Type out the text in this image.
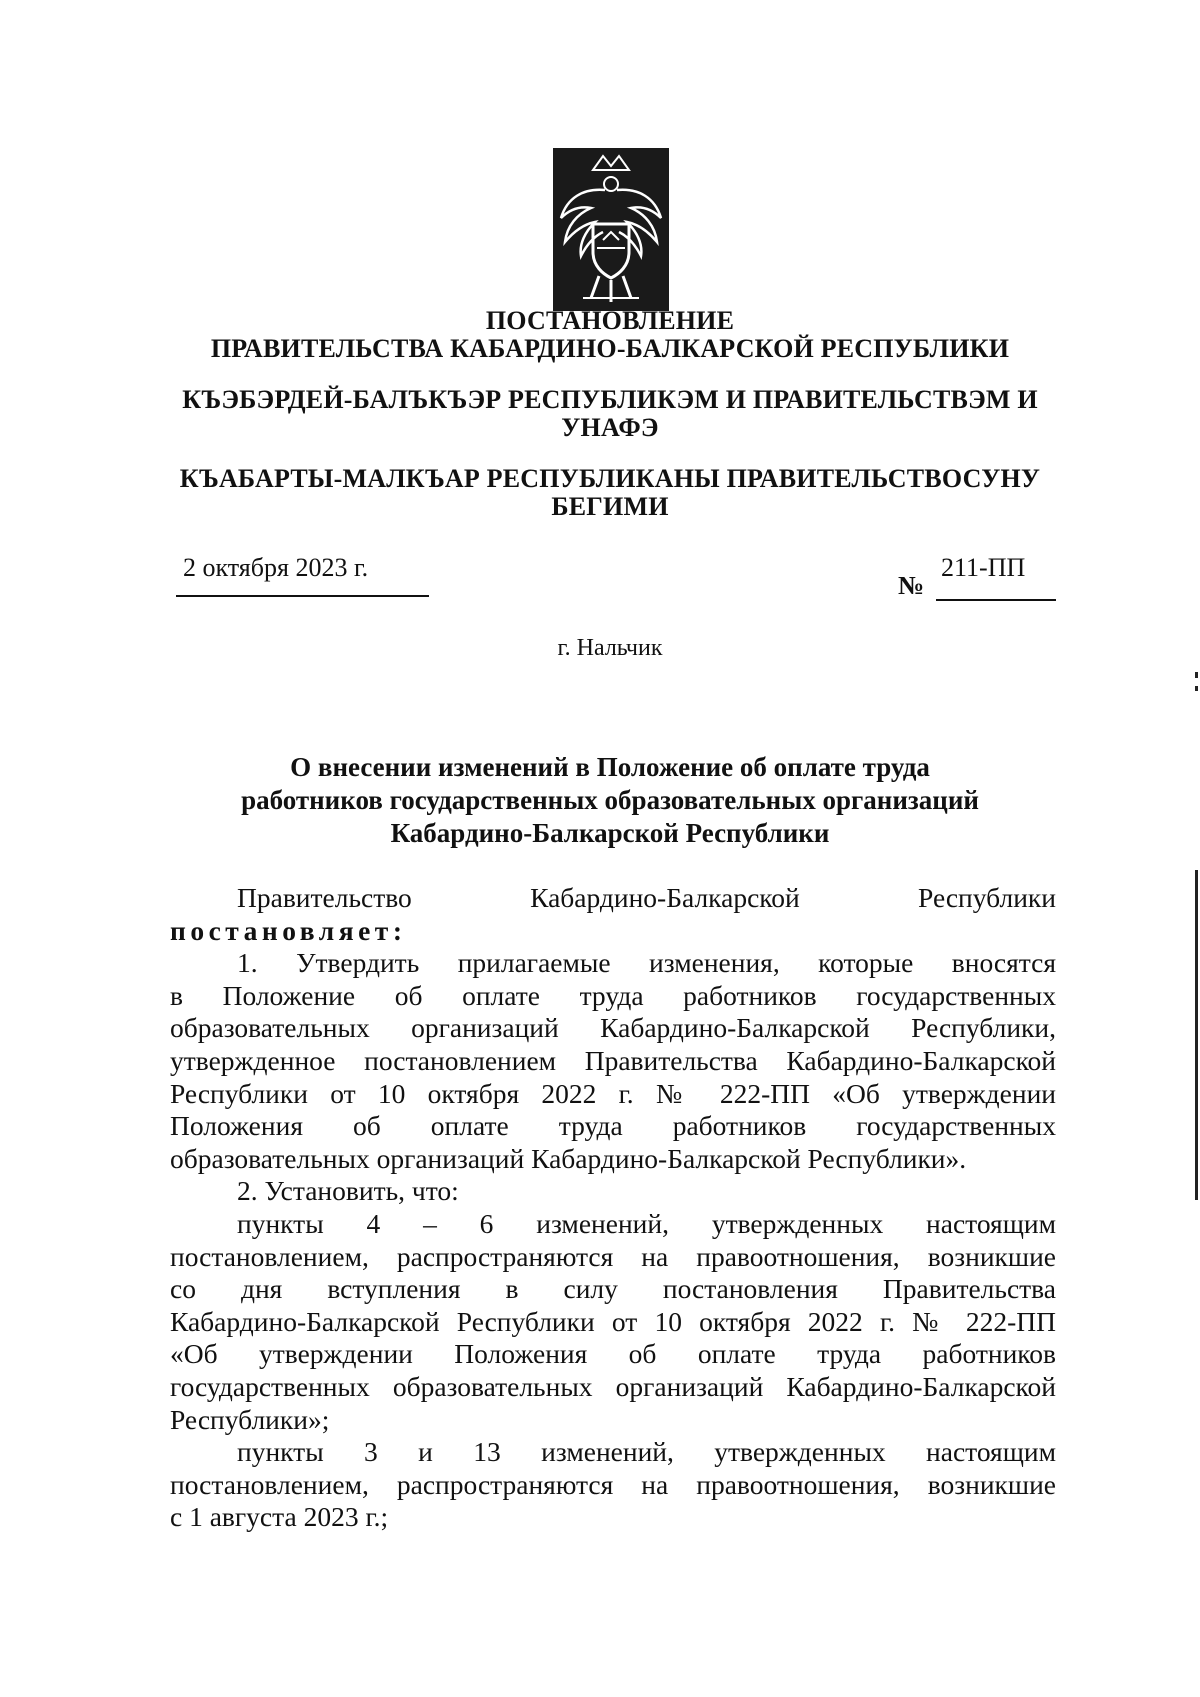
ПОСТАНОВЛЕНИЕ
ПРАВИТЕЛЬСТВА КАБАРДИНО-БАЛКАРСКОЙ РЕСПУБЛИКИ
КЪЭБЭРДЕЙ-БАЛЪКЪЭР РЕСПУБЛИКЭМ И ПРАВИТЕЛЬСТВЭМ И
УНАФЭ
КЪАБАРТЫ-МАЛКЪАР РЕСПУБЛИКАНЫ ПРАВИТЕЛЬСТВОСУНУ
БЕГИМИ
2 октября 2023 г.
№
211-ПП
г. Нальчик
О внесении изменений в Положение об оплате труда
работников государственных образовательных организаций
Кабардино-Балкарской Республики

Правительство Кабардино-Балкарской Республики

постановляет:

1. Утвердить прилагаемые изменения, которые вносятся

в Положение об оплате труда работников государственных

образовательных организаций Кабардино-Балкарской Республики,

утвержденное постановлением Правительства Кабардино-Балкарской

Республики от 10 октября 2022 г. № 222-ПП «Об утверждении

Положения об оплате труда работников государственных

образовательных организаций Кабардино-Балкарской Республики».

2. Установить, что:

пункты 4 – 6 изменений, утвержденных настоящим

постановлением, распространяются на правоотношения, возникшие

со дня вступления в силу постановления Правительства

Кабардино-Балкарской Республики от 10 октября 2022 г. № 222-ПП

«Об утверждении Положения об оплате труда работников

государственных образовательных организаций Кабардино-Балкарской

Республики»;

пункты 3 и 13 изменений, утвержденных настоящим

постановлением, распространяются на правоотношения, возникшие

с 1 августа 2023 г.;
